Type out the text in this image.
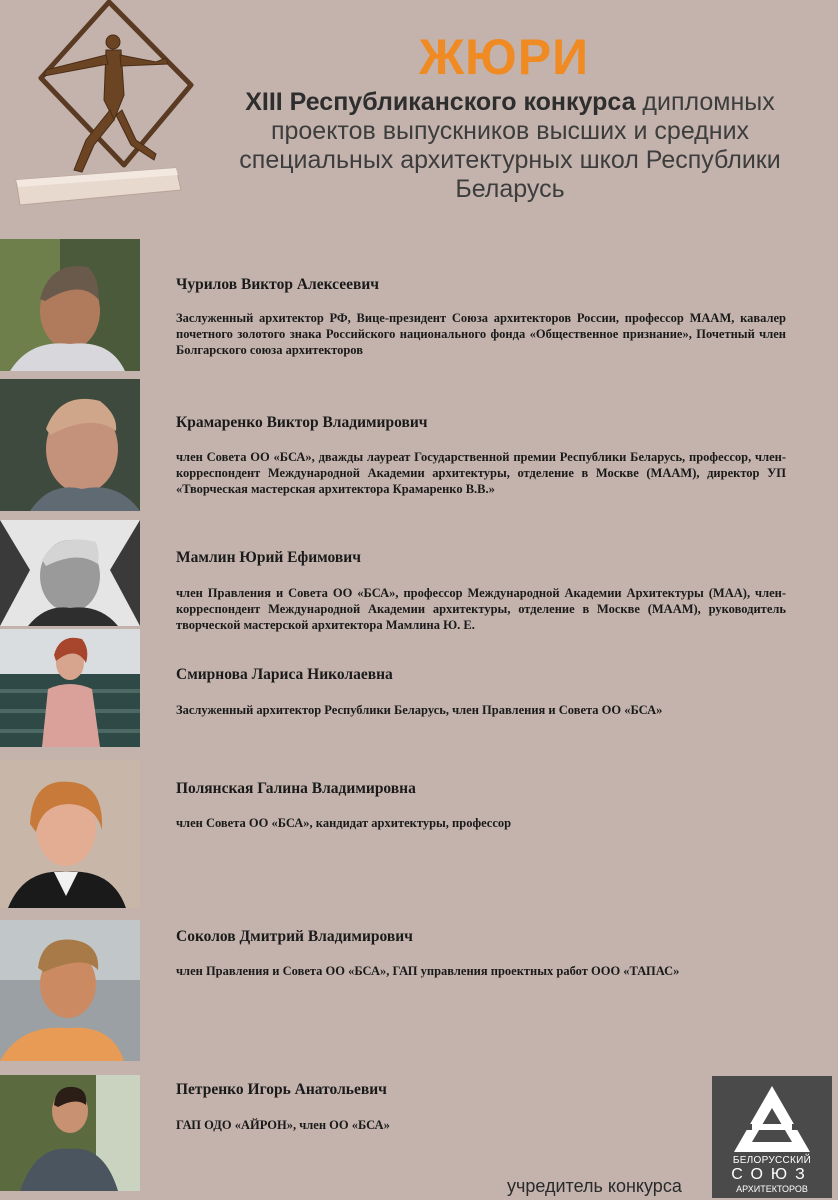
ЖЮРИ
XIII Республиканского конкурса дипломных проектов выпускников высших и средних специальных архитектурных школ Республики Беларусь

Чурилов Виктор Алексеевич

Заслуженный архитектор РФ, Вице-президент Союза архитекторов России, профессор МААМ, кавалер почетного золотого знака Российского национального фонда «Общественное признание», Почетный член Болгарского союза архитекторов

Крамаренко Виктор Владимирович

член Совета ОО «БСА», дважды лауреат Государственной премии Республики Беларусь, профессор, член-корреспондент Международной Академии архитектуры, отделение в Москве (МААМ), директор УП «Творческая мастерская архитектора Крамаренко В.В.»

Мамлин Юрий Ефимович

член Правления и Совета ОО «БСА», профессор Международной Академии Архитектуры (МАА), член-корреспондент Международной Академии архитектуры, отделение в Москве (МААМ), руководитель творческой мастерской архитектора Мамлина Ю. Е.

Смирнова Лариса Николаевна

Заслуженный архитектор Республики Беларусь, член Правления и Совета ОО «БСА»

Полянская Галина Владимировна

член Совета ОО «БСА», кандидат архитектуры, профессор

Соколов Дмитрий Владимирович

член Правления и Совета ОО «БСА», ГАП управления проектных работ ООО «ТАПАС»

Петренко Игорь Анатольевич

ГАП ОДО «АЙРОН», член ОО «БСА»

учредитель конкурса
БЕЛОРУССКИЙ
СОЮЗ
АРХИТЕКТОРОВ
